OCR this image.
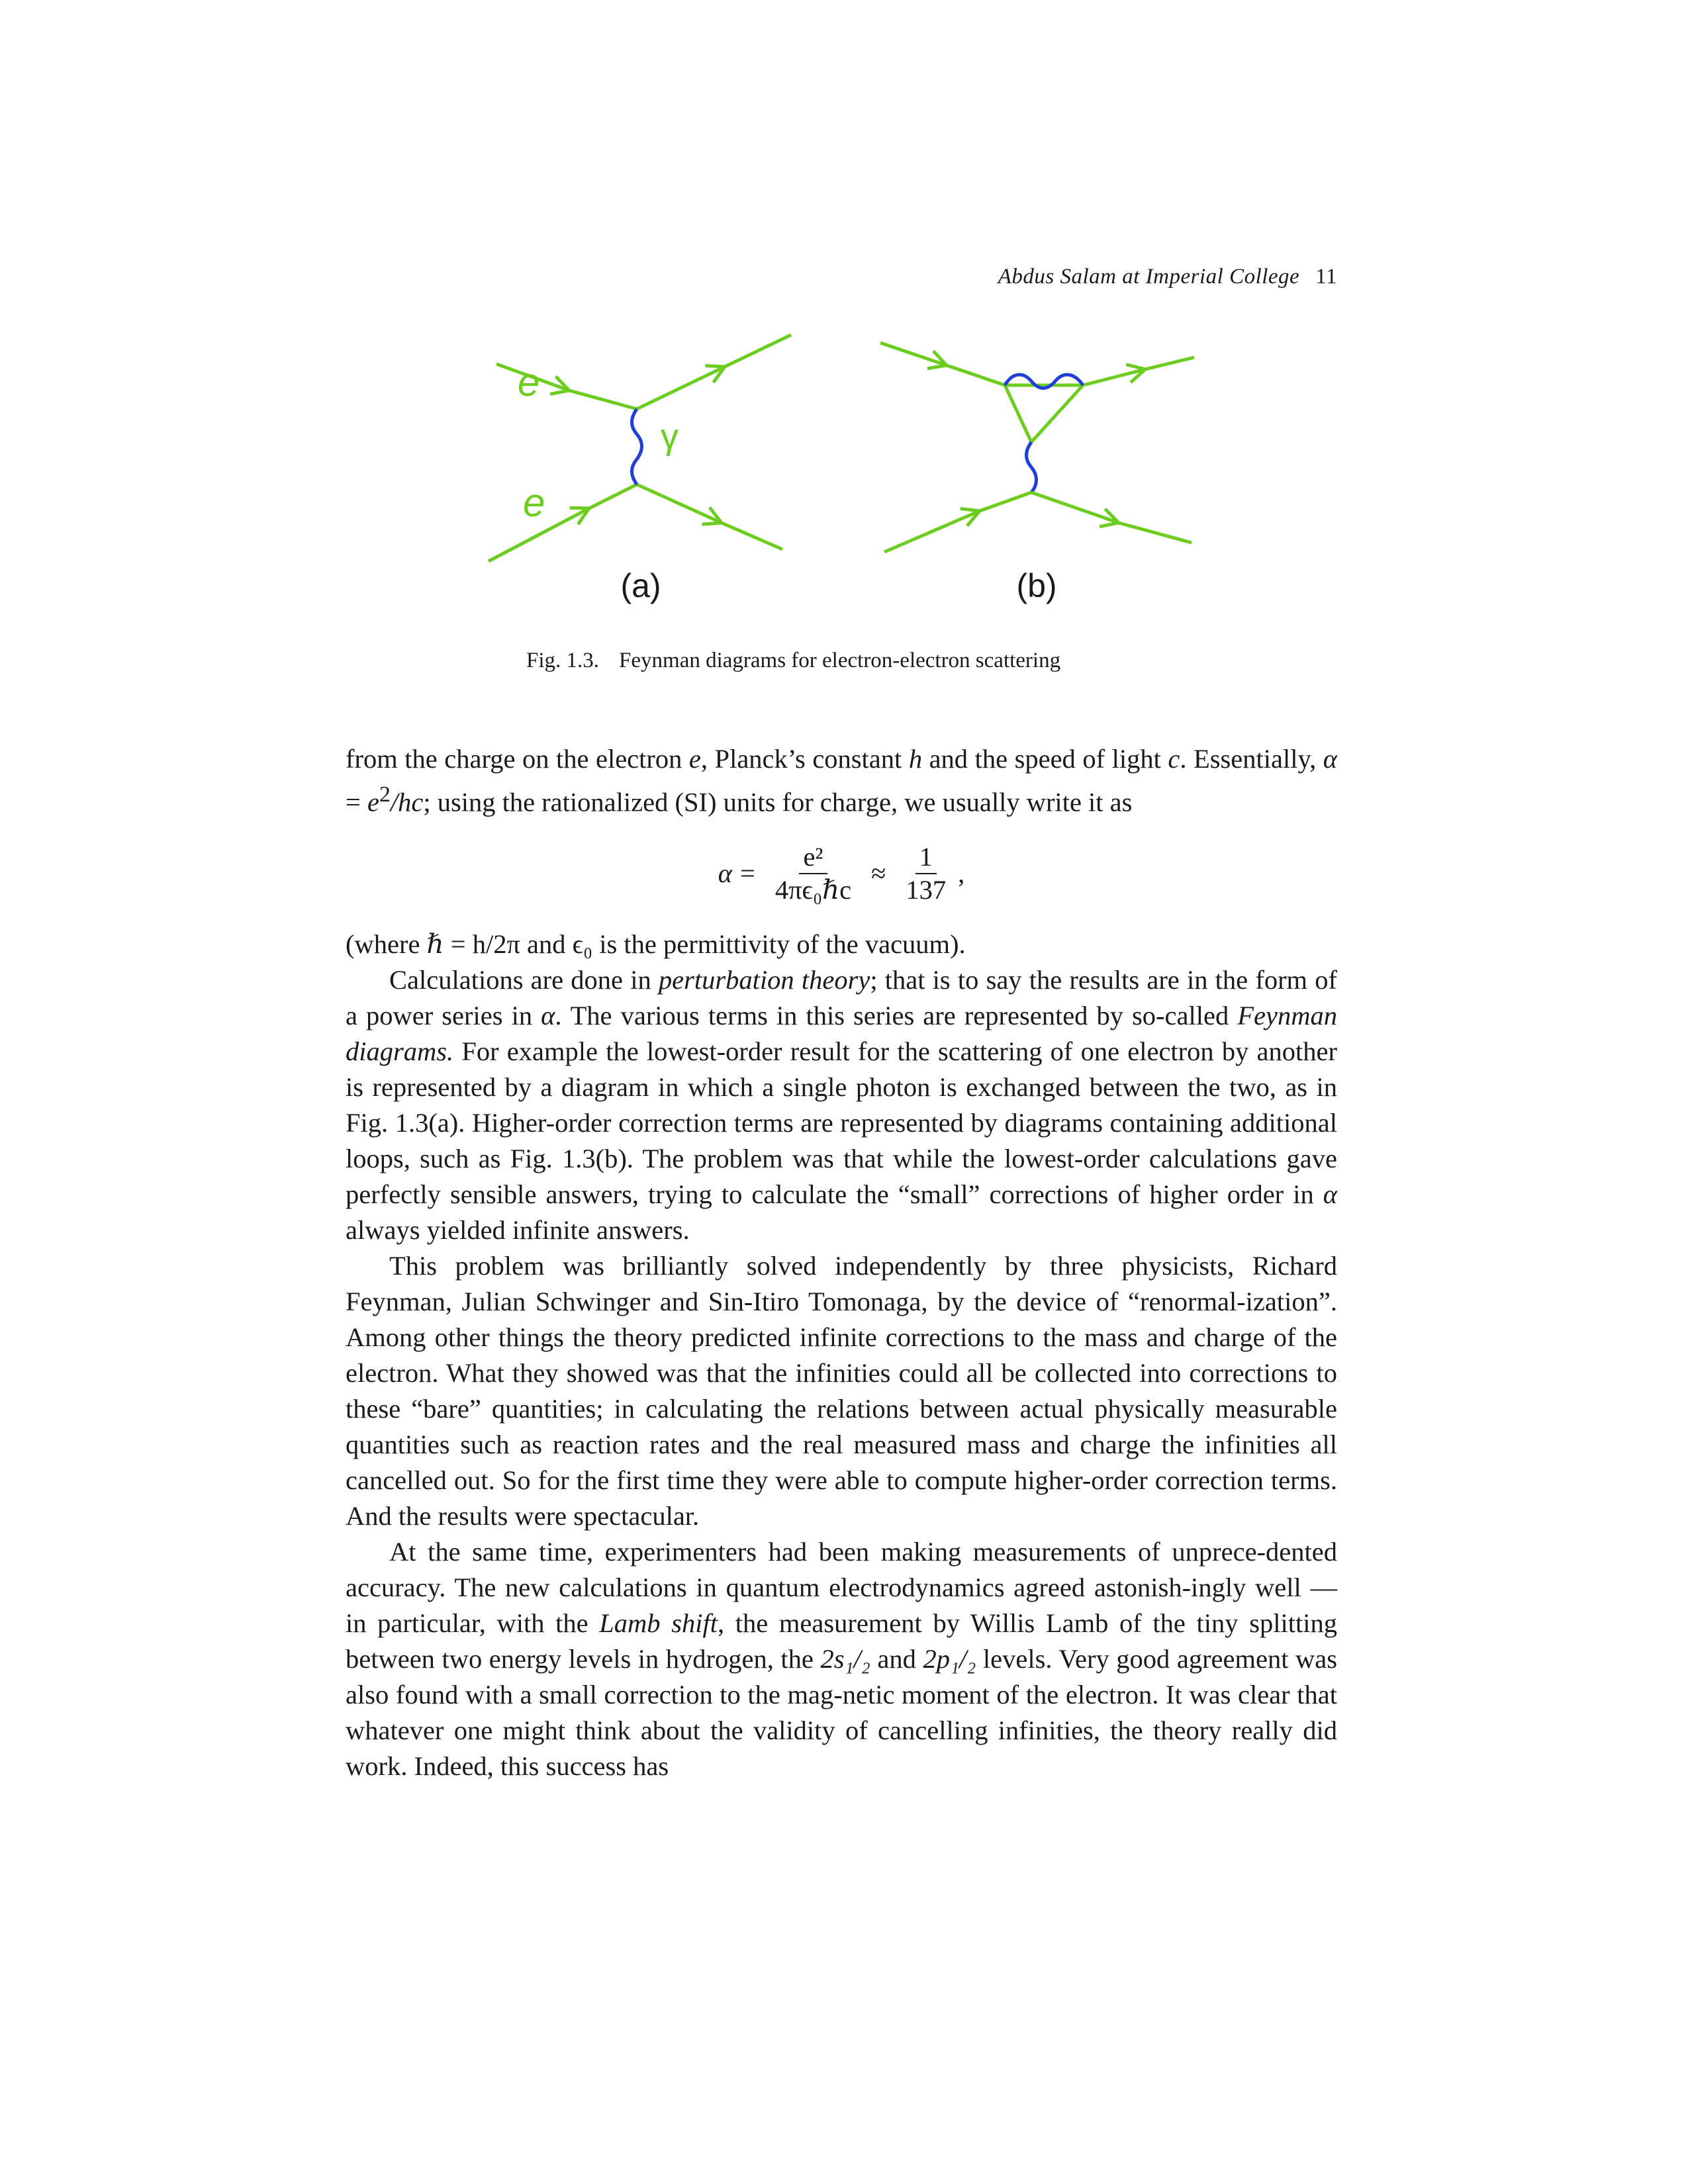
Abdus Salam at Imperial College 11
e
e
γ
(a)	(b)
Fig. 1.3. Feynman diagrams for electron-electron scattering

from the charge on the electron e, Planck’s constant h and the speed of light c. Essentially, $\alpha = e^2/hc$; using the rationalized (SI) units for charge, we usually write it as

$\alpha = \frac{\text{e²}}{\text{4πϵ₀ℏc}} \approx \frac{1}{137}$ ,

(where ℏ = h/2π and ϵ₀ is the permittivity of the vacuum).

Calculations are done in perturbation theory; that is to say the results are in the form of a power series in α. The various terms in this series are represented by so-called Feynman diagrams. For example the lowest-order result for the scattering of one electron by another is represented by a diagram in which a single photon is exchanged between the two, as in Fig. 1.3(a). Higher-order correction terms are represented by diagrams containing additional loops, such as Fig. 1.3(b). The problem was that while the lowest-order calculations gave perfectly sensible answers, trying to calculate the “small” corrections of higher order in α always yielded infinite answers.

This problem was brilliantly solved independently by three physicists, Richard Feynman, Julian Schwinger and Sin-Itiro Tomonaga, by the device of “renormal-ization”. Among other things the theory predicted infinite corrections to the mass and charge of the electron. What they showed was that the infinities could all be collected into corrections to these “bare” quantities; in calculating the relations between actual physically measurable quantities such as reaction rates and the real measured mass and charge the infinities all cancelled out. So for the first time they were able to compute higher-order correction terms. And the results were spectacular.

At the same time, experimenters had been making measurements of unprece-dented accuracy. The new calculations in quantum electrodynamics agreed astonish-ingly well — in particular, with the Lamb shift, the measurement by Willis Lamb of the tiny splitting between two energy levels in hydrogen, the 2s₁/₂ and 2p₁/₂ levels. Very good agreement was also found with a small correction to the mag-netic moment of the electron. It was clear that whatever one might think about the validity of cancelling infinities, the theory really did work. Indeed, this success has
